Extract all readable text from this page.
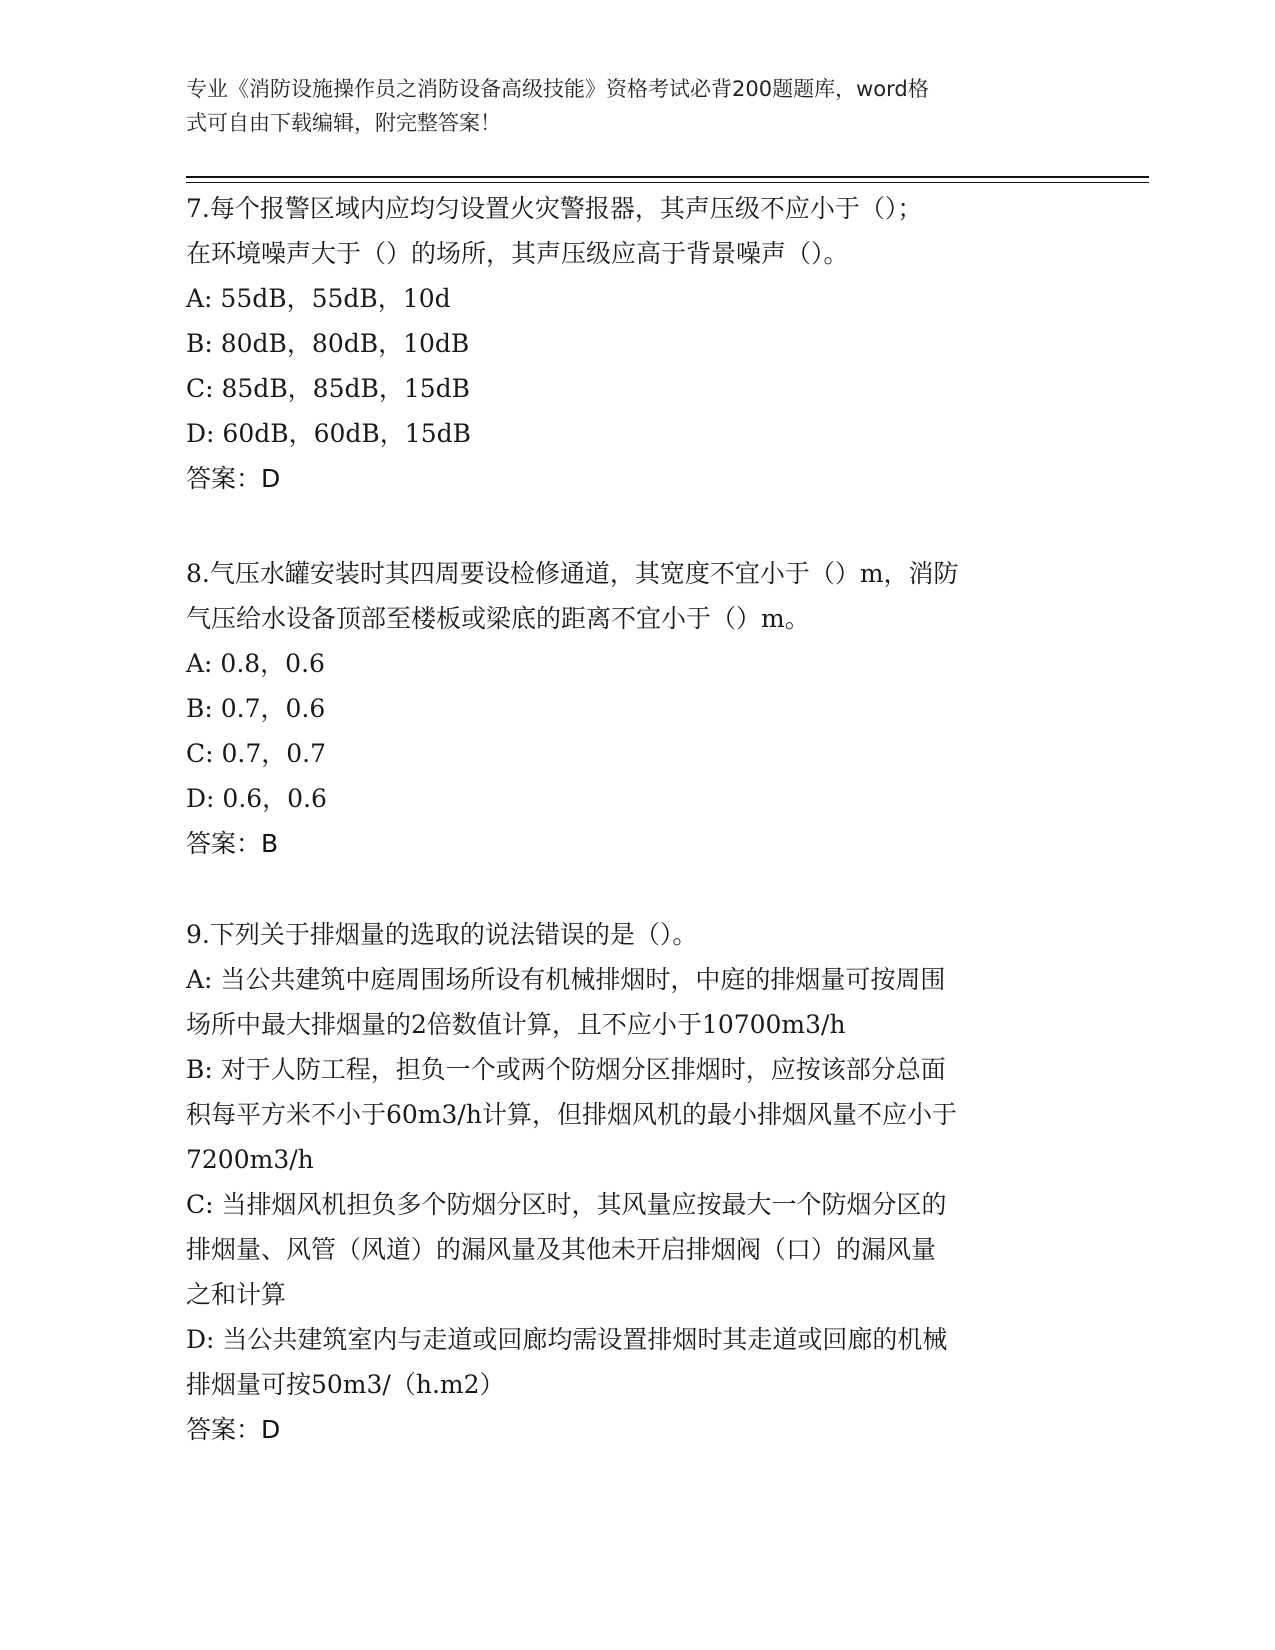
专业《消防设施操作员之消防设备高级技能》资格考试必背200题题库，word格
式可自由下载编辑，附完整答案！
7.每个报警区域内应均匀设置火灾警报器，其声压级不应小于（）；
在环境噪声大于（）的场所，其声压级应高于背景噪声（）。
A: 55dB，55dB，10d
B: 80dB，80dB，10dB
C: 85dB，85dB，15dB
D: 60dB，60dB，15dB
答案：D
8.气压水罐安装时其四周要设检修通道，其宽度不宜小于（）m，消防
气压给水设备顶部至楼板或梁底的距离不宜小于（）m。
A: 0.8，0.6
B: 0.7，0.6
C: 0.7，0.7
D: 0.6，0.6
答案：B
9.下列关于排烟量的选取的说法错误的是（）。
A: 当公共建筑中庭周围场所设有机械排烟时，中庭的排烟量可按周围
场所中最大排烟量的2倍数值计算，且不应小于10700m3/h
B: 对于人防工程，担负一个或两个防烟分区排烟时，应按该部分总面
积每平方米不小于60m3/h计算，但排烟风机的最小排烟风量不应小于
7200m3/h
C: 当排烟风机担负多个防烟分区时，其风量应按最大一个防烟分区的
排烟量、风管（风道）的漏风量及其他未开启排烟阀（口）的漏风量
之和计算
D: 当公共建筑室内与走道或回廊均需设置排烟时其走道或回廊的机械
排烟量可按50m3/（h.m2）
答案：D
